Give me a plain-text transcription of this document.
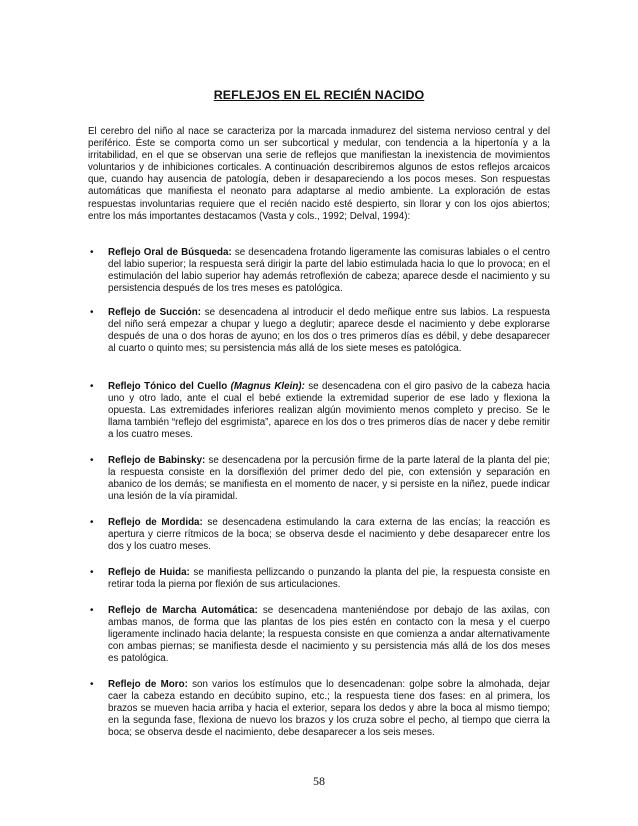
REFLEJOS EN EL RECIÉN NACIDO
El cerebro del niño al nace se caracteriza por la marcada inmadurez del sistema nervioso central y del periférico. Éste se comporta como un ser subcortical y medular, con tendencia a la hipertonía y a la irritabilidad, en el que se observan una serie de reflejos que manifiestan la inexistencia de movimientos voluntarios y de inhibiciones corticales. A continuación describiremos algunos de estos reflejos arcaicos que, cuando hay ausencia de patología, deben ir desapareciendo a los pocos meses. Son respuestas automáticas que manifiesta el neonato para adaptarse al medio ambiente. La exploración de estas respuestas involuntarias requiere que el recién nacido esté despierto, sin llorar y con los ojos abiertos; entre los más importantes destacamos (Vasta y cols., 1992; Delval, 1994):
• Reflejo Oral de Búsqueda: se desencadena frotando ligeramente las comisuras labiales o el centro del labio superior; la respuesta será dirigir la parte del labio estimulada hacia lo que lo provoca; en el estimulación del labio superior hay además retroflexión de cabeza; aparece desde el nacimiento y su persistencia después de los tres meses es patológica.
• Reflejo de Succión: se desencadena al introducir el dedo meñique entre sus labios. La respuesta del niño será empezar a chupar y luego a deglutir; aparece desde el nacimiento y debe explorarse después de una o dos horas de ayuno; en los dos o tres primeros días es débil, y debe desaparecer al cuarto o quinto mes; su persistencia más allá de los siete meses es patológica.
• Reflejo Tónico del Cuello (Magnus Klein): se desencadena con el giro pasivo de la cabeza hacia uno y otro lado, ante el cual el bebé extiende la extremidad superior de ese lado y flexiona la opuesta. Las extremidades inferiores realizan algún movimiento menos completo y preciso. Se le llama también “reflejo del esgrimista”, aparece en los dos o tres primeros días de nacer y debe remitir a los cuatro meses.
• Reflejo de Babinsky: se desencadena por la percusión firme de la parte lateral de la planta del pie; la respuesta consiste en la dorsiflexión del primer dedo del pie, con extensión y separación en abanico de los demás; se manifiesta en el momento de nacer, y si persiste en la niñez, puede indicar una lesión de la vía piramidal.
• Reflejo de Mordida: se desencadena estimulando la cara externa de las encías; la reacción es apertura y cierre rítmicos de la boca; se observa desde el nacimiento y debe desaparecer entre los dos y los cuatro meses.
• Reflejo de Huida: se manifiesta pellizcando o punzando la planta del pie, la respuesta consiste en retirar toda la pierna por flexión de sus articulaciones.
• Reflejo de Marcha Automática: se desencadena manteniéndose por debajo de las axilas, con ambas manos, de forma que las plantas de los pies estén en contacto con la mesa y el cuerpo ligeramente inclinado hacia delante; la respuesta consiste en que comienza a andar alternativamente con ambas piernas; se manifiesta desde el nacimiento y su persistencia más allá de los dos meses es patológica.
• Reflejo de Moro: son varios los estímulos que lo desencadenan: golpe sobre la almohada, dejar caer la cabeza estando en decúbito supino, etc.; la respuesta tiene dos fases: en al primera, los brazos se mueven hacia arriba y hacia el exterior, separa los dedos y abre la boca al mismo tiempo; en la segunda fase, flexiona de nuevo los brazos y los cruza sobre el pecho, al tiempo que cierra la boca; se observa desde el nacimiento, debe desaparecer a los seis meses.
58
